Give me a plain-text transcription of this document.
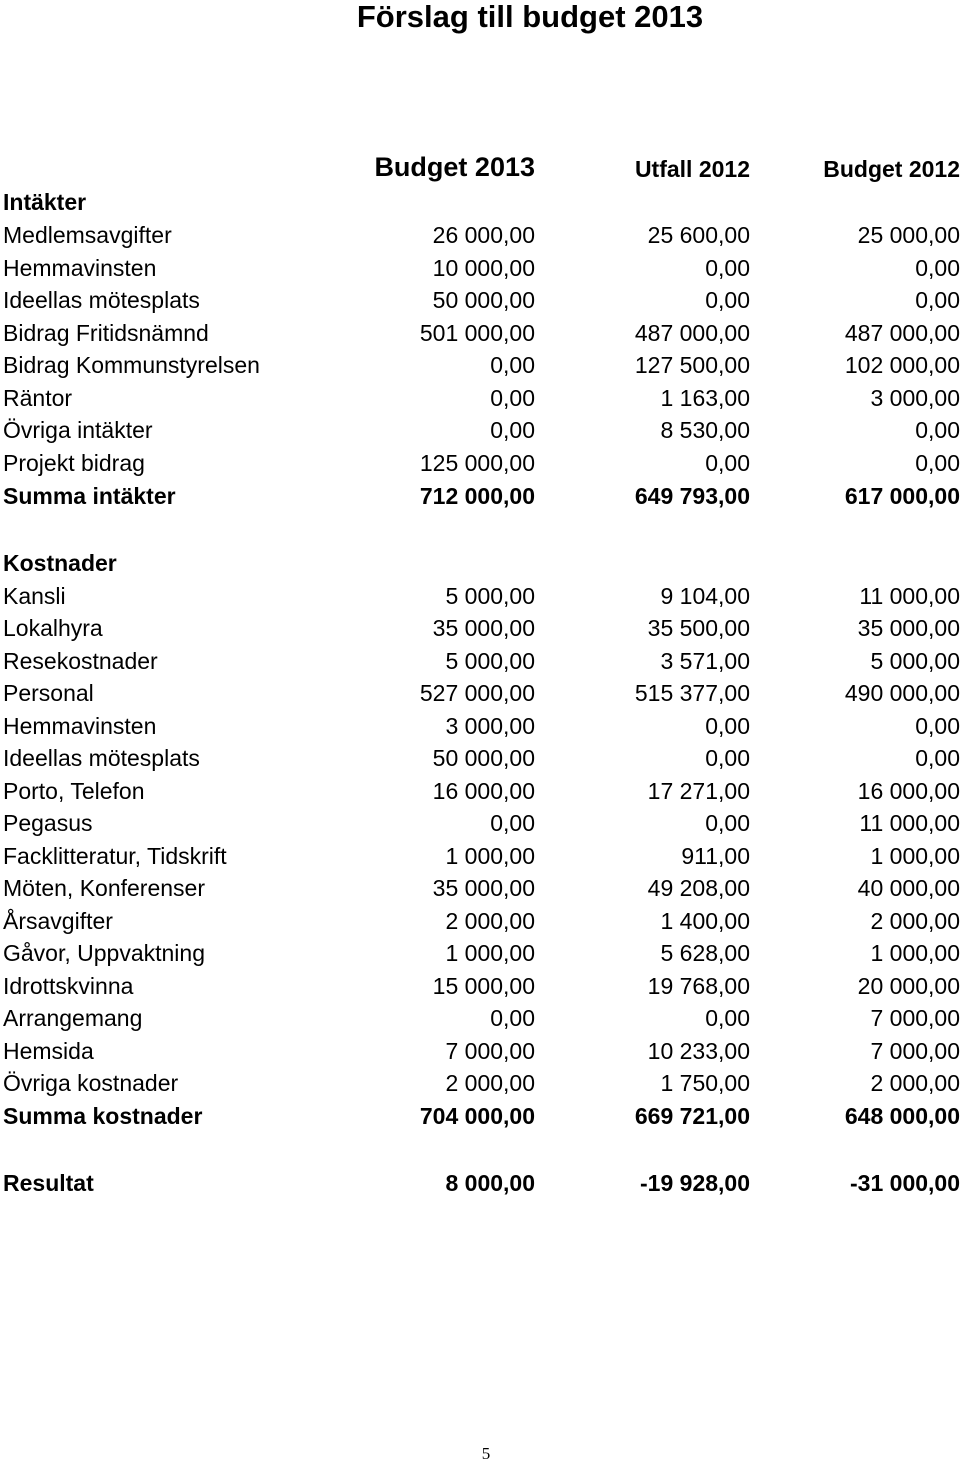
Förslag till budget 2013
Budget 2013	Utfall 2012	Budget 2012
Intäkter
Medlemsavgifter	26 000,00	25 600,00	25 000,00
Hemmavinsten	10 000,00	0,00	0,00
Ideellas mötesplats	50 000,00	0,00	0,00
Bidrag Fritidsnämnd	501 000,00	487 000,00	487 000,00
Bidrag Kommunstyrelsen	0,00	127 500,00	102 000,00
Räntor	0,00	1 163,00	3 000,00
Övriga intäkter	0,00	8 530,00	0,00
Projekt bidrag	125 000,00	0,00	0,00
Summa intäkter	712 000,00	649 793,00	617 000,00
Kostnader
Kansli	5 000,00	9 104,00	11 000,00
Lokalhyra	35 000,00	35 500,00	35 000,00
Resekostnader	5 000,00	3 571,00	5 000,00
Personal	527 000,00	515 377,00	490 000,00
Hemmavinsten	3 000,00	0,00	0,00
Ideellas mötesplats	50 000,00	0,00	0,00
Porto, Telefon	16 000,00	17 271,00	16 000,00
Pegasus	0,00	0,00	11 000,00
Facklitteratur, Tidskrift	1 000,00	911,00	1 000,00
Möten, Konferenser	35 000,00	49 208,00	40 000,00
Årsavgifter	2 000,00	1 400,00	2 000,00
Gåvor, Uppvaktning	1 000,00	5 628,00	1 000,00
Idrottskvinna	15 000,00	19 768,00	20 000,00
Arrangemang	0,00	0,00	7 000,00
Hemsida	7 000,00	10 233,00	7 000,00
Övriga kostnader	2 000,00	1 750,00	2 000,00
Summa kostnader	704 000,00	669 721,00	648 000,00
Resultat	8 000,00	-19 928,00	-31 000,00
5
